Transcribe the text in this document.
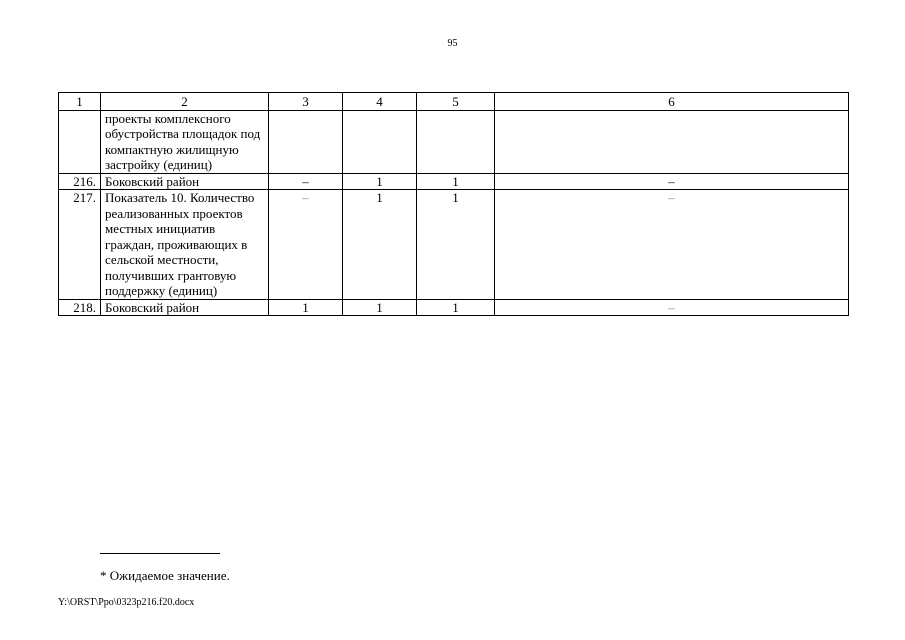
95
1	2	3	4	5	6
	проекты комплексного обустройства площадок под компактную жилищную застройку (единиц)				
216.	Боковский район	–	1	1	–
217.	Показатель 10. Количество реализованных проектов местных инициатив граждан, проживающих в сельской местности, получивших грантовую поддержку (единиц)	–	1	1	–
218.	Боковский район	1	1	1	–
* Ожидаемое значение.
Y:\ORST\Ppo\0323p216.f20.docx
